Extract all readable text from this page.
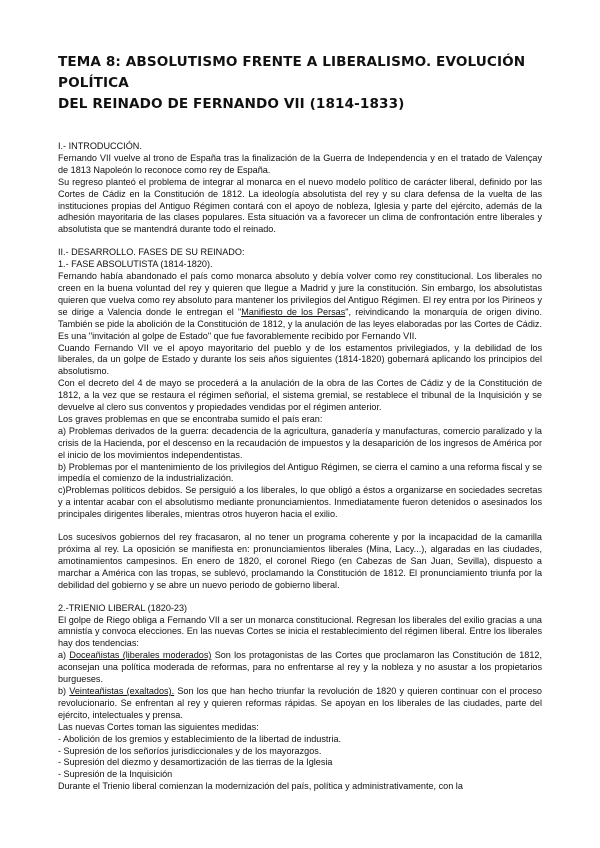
TEMA 8: ABSOLUTISMO FRENTE A LIBERALISMO. EVOLUCIÓN POLÍTICA
DEL REINADO DE FERNANDO VII (1814-1833)

I.- INTRODUCCIÓN.

Fernando VII vuelve al trono de España tras la finalización de la Guerra de Independencia y en el tratado de Valençay de 1813 Napoleón lo reconoce como rey de España.

Su regreso planteó el problema de integrar al monarca en el nuevo modelo político de carácter liberal, definido por las Cortes de Cádiz en la Constitución de 1812. La ideología absolutista del rey y su clara defensa de la vuelta de las instituciones propias del Antiguo Régimen contará con el apoyo de nobleza, Iglesia y parte del ejército, además de la adhesión mayoritaria de las clases populares. Esta situación va a favorecer un clima de confrontación entre liberales y absolutista que se mantendrá durante todo el reinado.

II.- DESARROLLO. FASES DE SU REINADO:

1.- FASE ABSOLUTISTA (1814-1820).

Fernando había abandonado el país como monarca absoluto y debía volver como rey constitucional. Los liberales no creen en la buena voluntad del rey y quieren que llegue a Madrid y jure la constitución. Sin embargo, los absolutistas quieren que vuelva como rey absoluto para mantener los privilegios del Antiguo Régimen. El rey entra por los Pirineos y se dirige a Valencia donde le entregan el "Manifiesto de los Persas", reivindicando la monarquía de origen divino. También se pide la abolición de la Constitución de 1812, y la anulación de las leyes elaboradas por las Cortes de Cádiz. Es una "invitación al golpe de Estado" que fue favorablemente recibido por Fernando VII.

Cuando Fernando VII ve el apoyo mayoritario del pueblo y de los estamentos privilegiados, y la debilidad de los liberales, da un golpe de Estado y durante los seis años siguientes (1814-1820) gobernará aplicando los principios del absolutismo.

Con el decreto del 4 de mayo se procederá a la anulación de la obra de las Cortes de Cádiz y de la Constitución de 1812, a la vez que se restaura el régimen señorial, el sistema gremial, se restablece el tribunal de la Inquisición y se devuelve al clero sus conventos y propiedades vendidas por el régimen anterior.

Los graves problemas en que se encontraba sumido el país eran:

a) Problemas derivados de la guerra: decadencia de la agricultura, ganadería y manufacturas, comercio paralizado y la crisis de la Hacienda, por el descenso en la recaudación de impuestos y la desaparición de los ingresos de América por el inicio de los movimientos independentistas.

b) Problemas por el mantenimiento de los privilegios del Antiguo Régimen, se cierra el camino a una reforma fiscal y se impedía el comienzo de la industrialización.

c)Problemas políticos debidos. Se persiguió a los liberales, lo que obligó a éstos a organizarse en sociedades secretas y a intentar acabar con el absolutismo mediante pronunciamientos. Inmediatamente fueron detenidos o asesinados los principales dirigentes liberales, mientras otros huyeron hacia el exilio.

Los sucesivos gobiernos del rey fracasaron, al no tener un programa coherente y por la incapacidad de la camarilla próxima al rey. La oposición se manifiesta en: pronunciamientos liberales (Mina, Lacy...), algaradas en las ciudades, amotinamientos campesinos. En enero de 1820, el coronel Riego (en Cabezas de San Juan, Sevilla), dispuesto a marchar a América con las tropas, se sublevó, proclamando la Constitución de 1812. El pronunciamiento triunfa por la debilidad del gobierno y se abre un nuevo periodo de gobierno liberal.

2.-TRIENIO LIBERAL (1820-23)

El golpe de Riego obliga a Fernando VII a ser un monarca constitucional. Regresan los liberales del exilio gracias a una amnistía y convoca elecciones. En las nuevas Cortes se inicia el restablecimiento del régimen liberal. Entre los liberales hay dos tendencias:

a) Doceañistas (liberales moderados) Son los protagonistas de las Cortes que proclamaron las Constitución de 1812, aconsejan una política moderada de reformas, para no enfrentarse al rey y la nobleza y no asustar a los propietarios burgueses.

b) Veinteañistas (exaltados). Son los que han hecho triunfar la revolución de 1820 y quieren continuar con el proceso revolucionario. Se enfrentan al rey y quieren reformas rápidas. Se apoyan en los liberales de las ciudades, parte del ejército, intelectuales y prensa.

Las nuevas Cortes toman las siguientes medidas:

- Abolición de los gremios y establecimiento de la libertad de industria.

- Supresión de los señoríos jurisdiccionales y de los mayorazgos.

- Supresión del diezmo y desamortización de las tierras de la Iglesia

- Supresión de la Inquisición

Durante el Trienio liberal comienzan la modernización del país, política y administrativamente, con la
